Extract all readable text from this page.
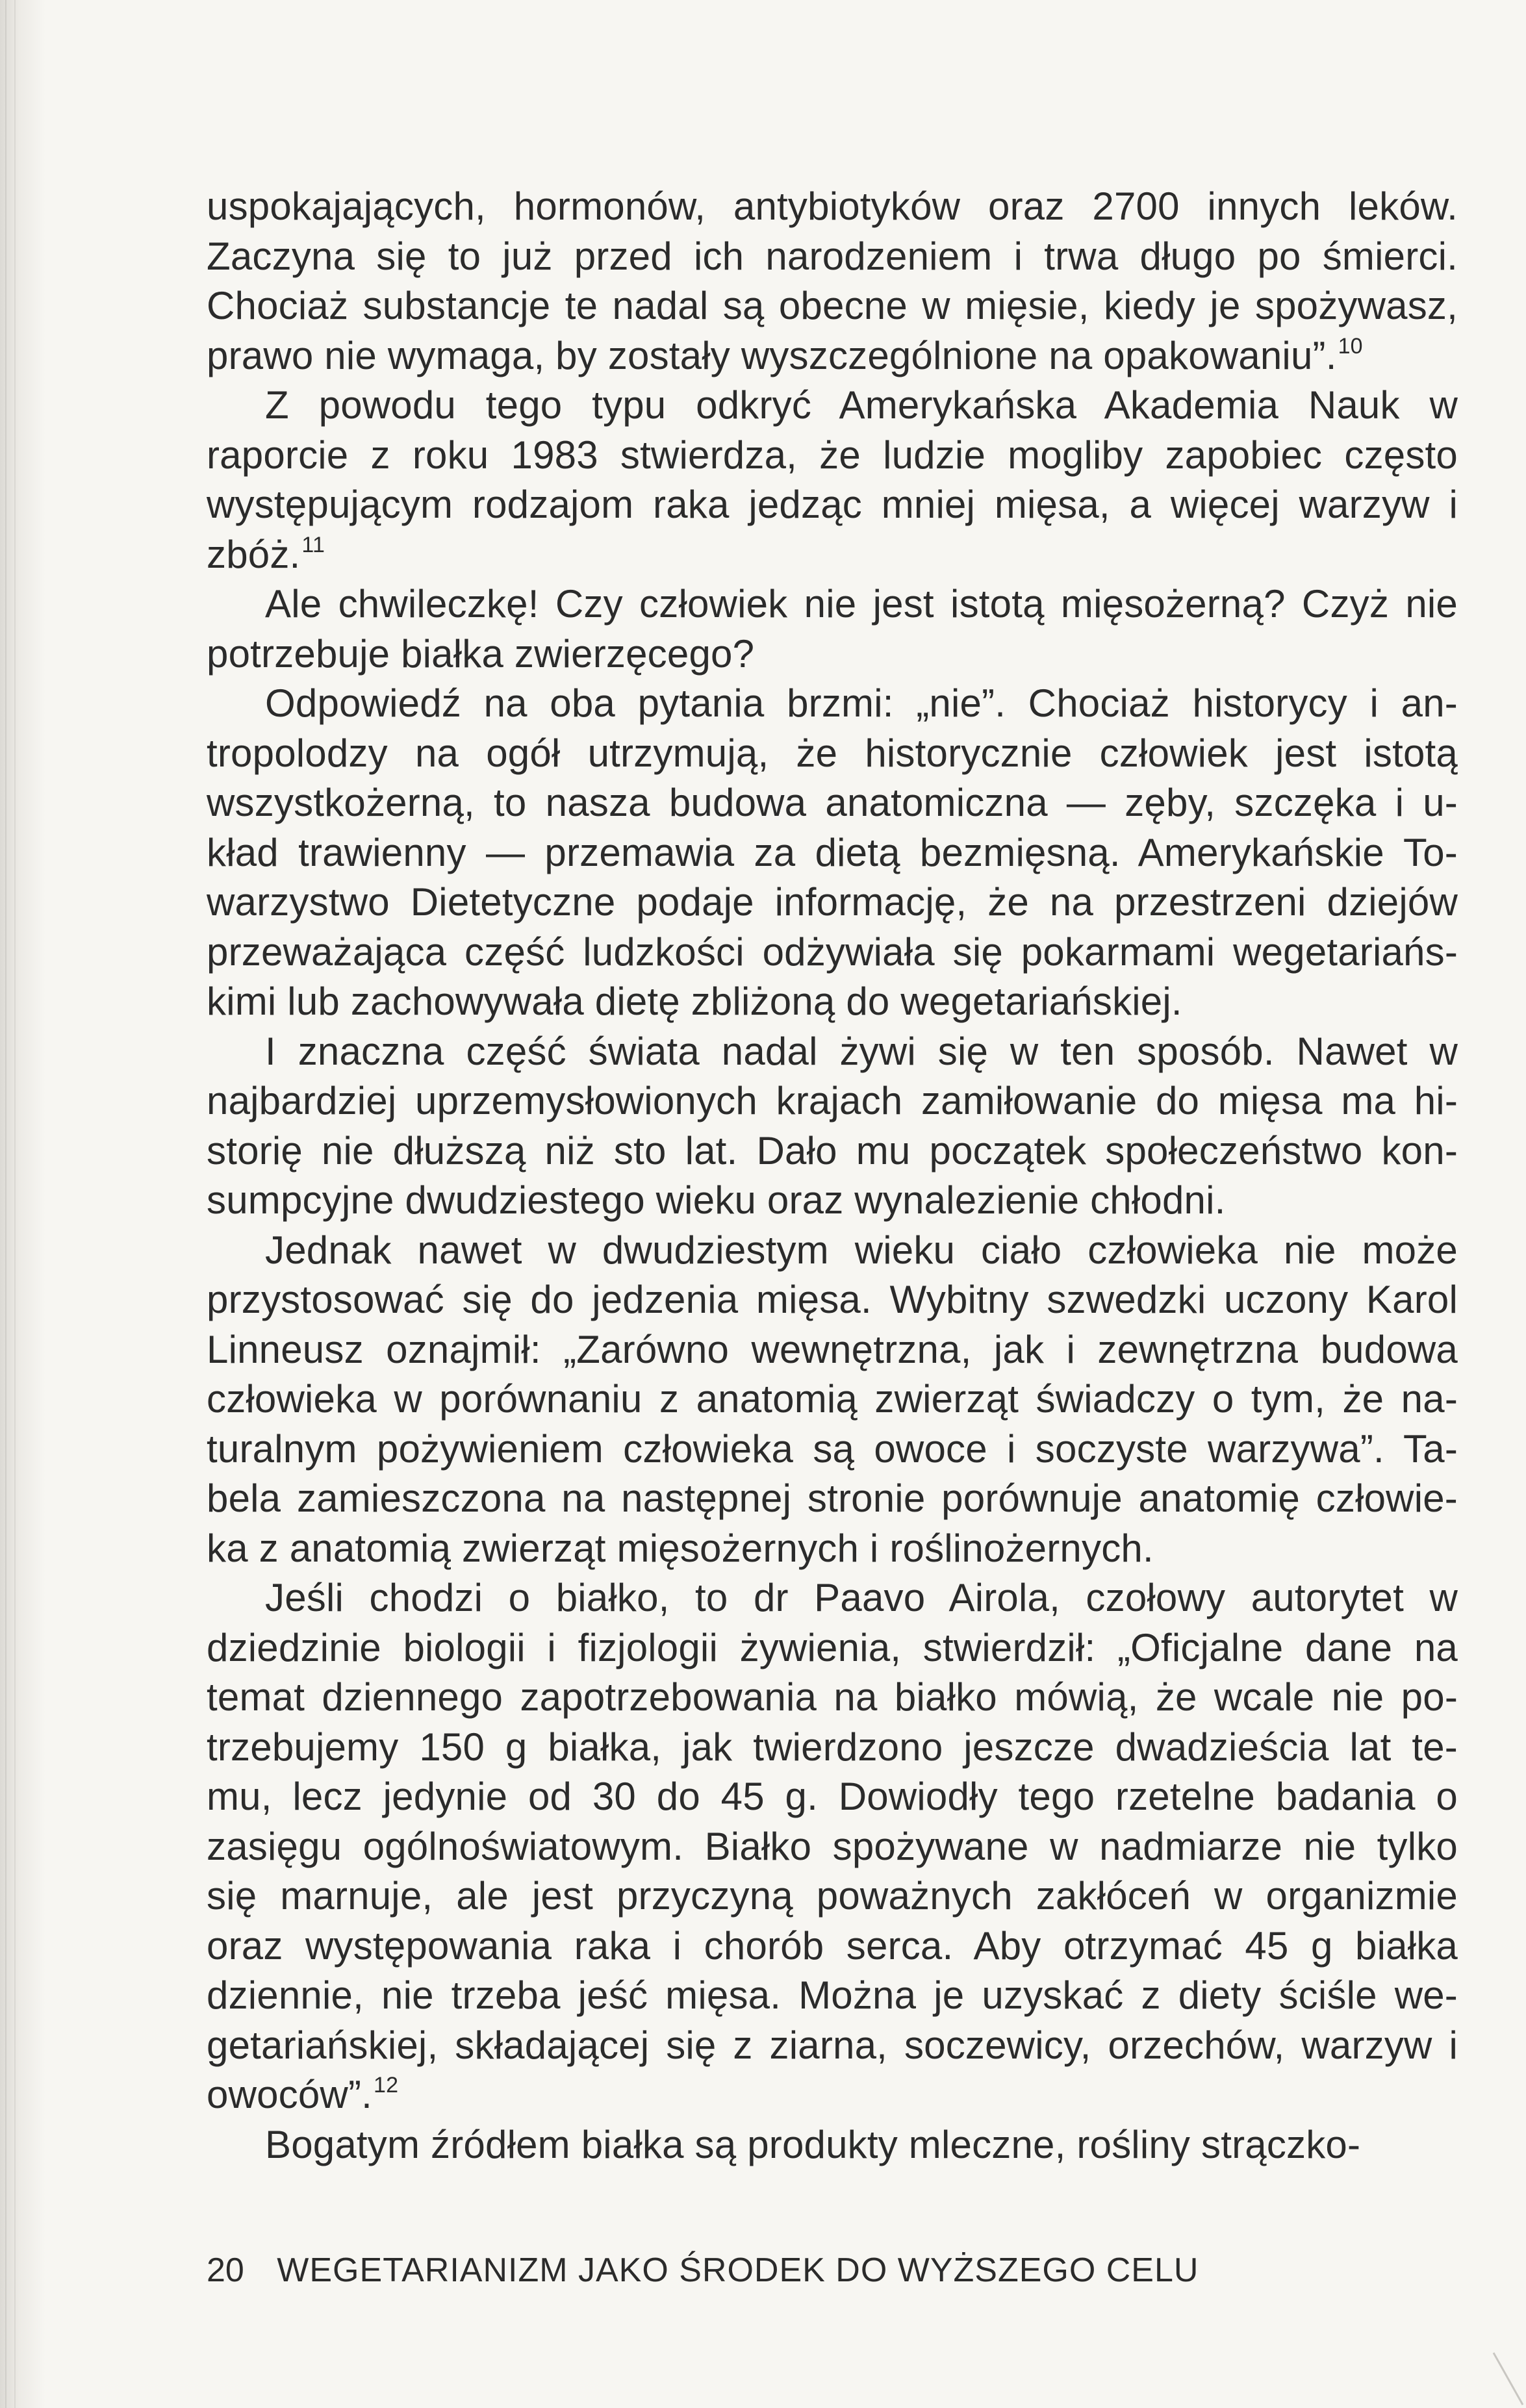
uspokajających, hormonów, antybiotyków oraz 2700 innych leków.
Zaczyna się to już przed ich narodzeniem i trwa długo po śmierci.
Chociaż substancje te nadal są obecne w mięsie, kiedy je spożywasz,
prawo nie wymaga, by zostały wyszczególnione na opakowaniu”.$^{10}$
Z powodu tego typu odkryć Amerykańska Akademia Nauk w
raporcie z roku 1983 stwierdza, że ludzie mogliby zapobiec często
występującym rodzajom raka jedząc mniej mięsa, a więcej warzyw i
zbóż.$^{11}$
Ale chwileczkę! Czy człowiek nie jest istotą mięsożerną? Czyż nie
potrzebuje białka zwierzęcego?
Odpowiedź na oba pytania brzmi: „nie”. Chociaż historycy i an-
tropolodzy na ogół utrzymują, że historycznie człowiek jest istotą
wszystkożerną, to nasza budowa anatomiczna — zęby, szczęka i u-
kład trawienny — przemawia za dietą bezmięsną. Amerykańskie To-
warzystwo Dietetyczne podaje informację, że na przestrzeni dziejów
przeważająca część ludzkości odżywiała się pokarmami wegetariańs-
kimi lub zachowywała dietę zbliżoną do wegetariańskiej.
I znaczna część świata nadal żywi się w ten sposób. Nawet w
najbardziej uprzemysłowionych krajach zamiłowanie do mięsa ma hi-
storię nie dłuższą niż sto lat. Dało mu początek społeczeństwo kon-
sumpcyjne dwudziestego wieku oraz wynalezienie chłodni.
Jednak nawet w dwudziestym wieku ciało człowieka nie może
przystosować się do jedzenia mięsa. Wybitny szwedzki uczony Karol
Linneusz oznajmił: „Zarówno wewnętrzna, jak i zewnętrzna budowa
człowieka w porównaniu z anatomią zwierząt świadczy o tym, że na-
turalnym pożywieniem człowieka są owoce i soczyste warzywa”. Ta-
bela zamieszczona na następnej stronie porównuje anatomię człowie-
ka z anatomią zwierząt mięsożernych i roślinożernych.
Jeśli chodzi o białko, to dr Paavo Airola, czołowy autorytet w
dziedzinie biologii i fizjologii żywienia, stwierdził: „Oficjalne dane na
temat dziennego zapotrzebowania na białko mówią, że wcale nie po-
trzebujemy 150 g białka, jak twierdzono jeszcze dwadzieścia lat te-
mu, lecz jedynie od 30 do 45 g. Dowiodły tego rzetelne badania o
zasięgu ogólnoświatowym. Białko spożywane w nadmiarze nie tylko
się marnuje, ale jest przyczyną poważnych zakłóceń w organizmie
oraz występowania raka i chorób serca. Aby otrzymać 45 g białka
dziennie, nie trzeba jeść mięsa. Można je uzyskać z diety ściśle we-
getariańskiej, składającej się z ziarna, soczewicy, orzechów, warzyw i
owoców”.$^{12}$
Bogatym źródłem białka są produkty mleczne, rośliny strączko-
20 WEGETARIANIZM JAKO ŚRODEK DO WYŻSZEGO CELU
